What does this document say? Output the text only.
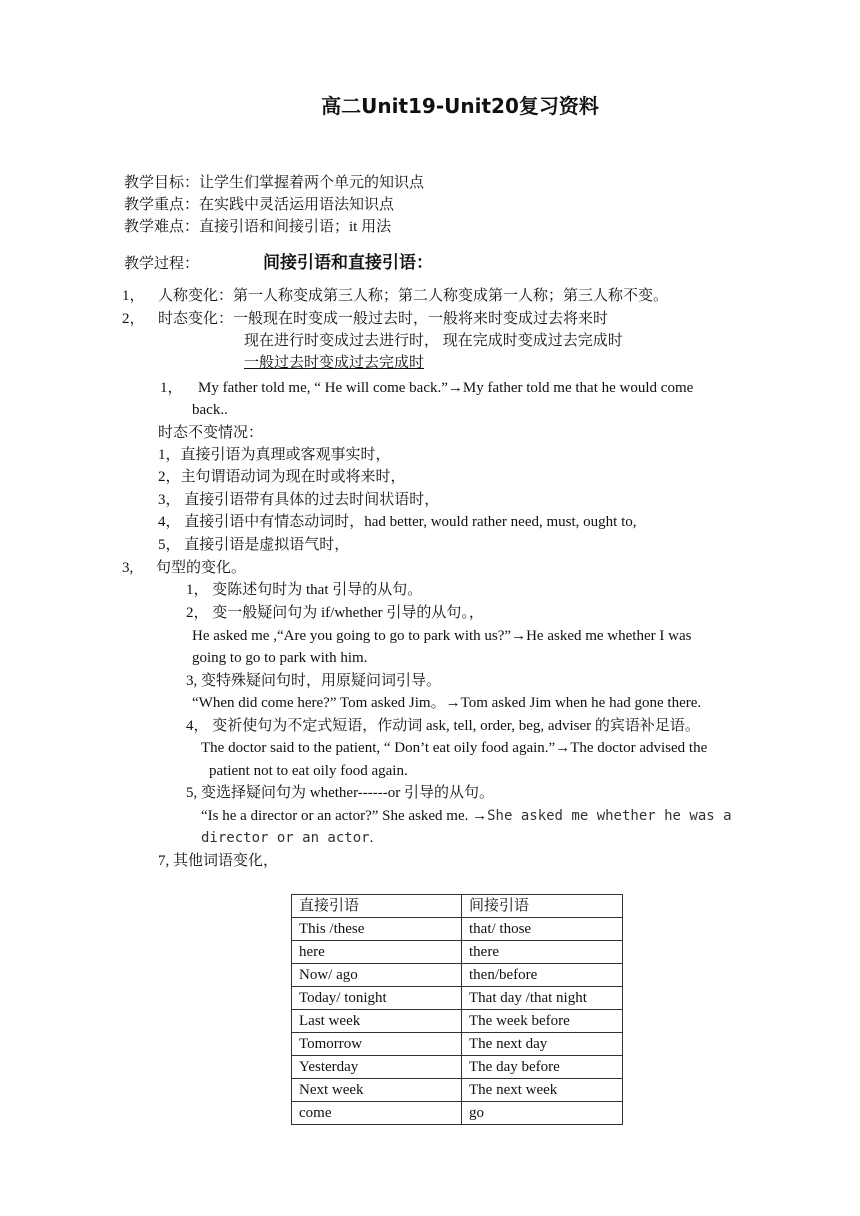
高二Unit19-Unit20复习资料
教学目标：让学生们掌握着两个单元的知识点
教学重点：在实践中灵活运用语法知识点
教学难点：直接引语和间接引语；it 用法
教学过程：	间接引语和直接引语：
1， 人称变化：第一人称变成第三人称；第二人称变成第一人称；第三人称不变。
2， 时态变化：一般现在时变成一般过去时，一般将来时变成过去将来时
现在进行时变成过去进行时， 现在完成时变成过去完成时
一般过去时变成过去完成时
1， My father told me, “ He will come back.”→My father told me that he would come
back..
时态不变情况：
1，直接引语为真理或客观事实时，
2，主句谓语动词为现在时或将来时，
3， 直接引语带有具体的过去时间状语时，
4， 直接引语中有情态动词时，had better, would rather need, must, ought to,
5， 直接引语是虚拟语气时，
3, 句型的变化。
1， 变陈述句时为 that 引导的从句。
2， 变一般疑问句为 if/whether 引导的从句。，
He asked me ,“Are you going to go to park with us?”→He asked me whether I was
going to go to park with him.
3, 变特殊疑问句时，用原疑问词引导。
“When did come here?” Tom asked Jim。→Tom asked Jim when he had gone there.
4， 变祈使句为不定式短语，作动词 ask, tell, order, beg, adviser 的宾语补足语。
The doctor said to the patient, “ Don’t eat oily food again.”→The doctor advised the
patient not to eat oily food again.
5, 变选择疑问句为 whether------or 引导的从句。
“Is he a director or an actor?” She asked me. →She asked me whether he was a
director or an actor.
7, 其他词语变化，
直接引语	间接引语
This /these	that/ those
here	there
Now/ ago	then/before
Today/ tonight	That day /that night
Last week	The week before
Tomorrow	The next day
Yesterday	The day before
Next week	The next week
come	go
